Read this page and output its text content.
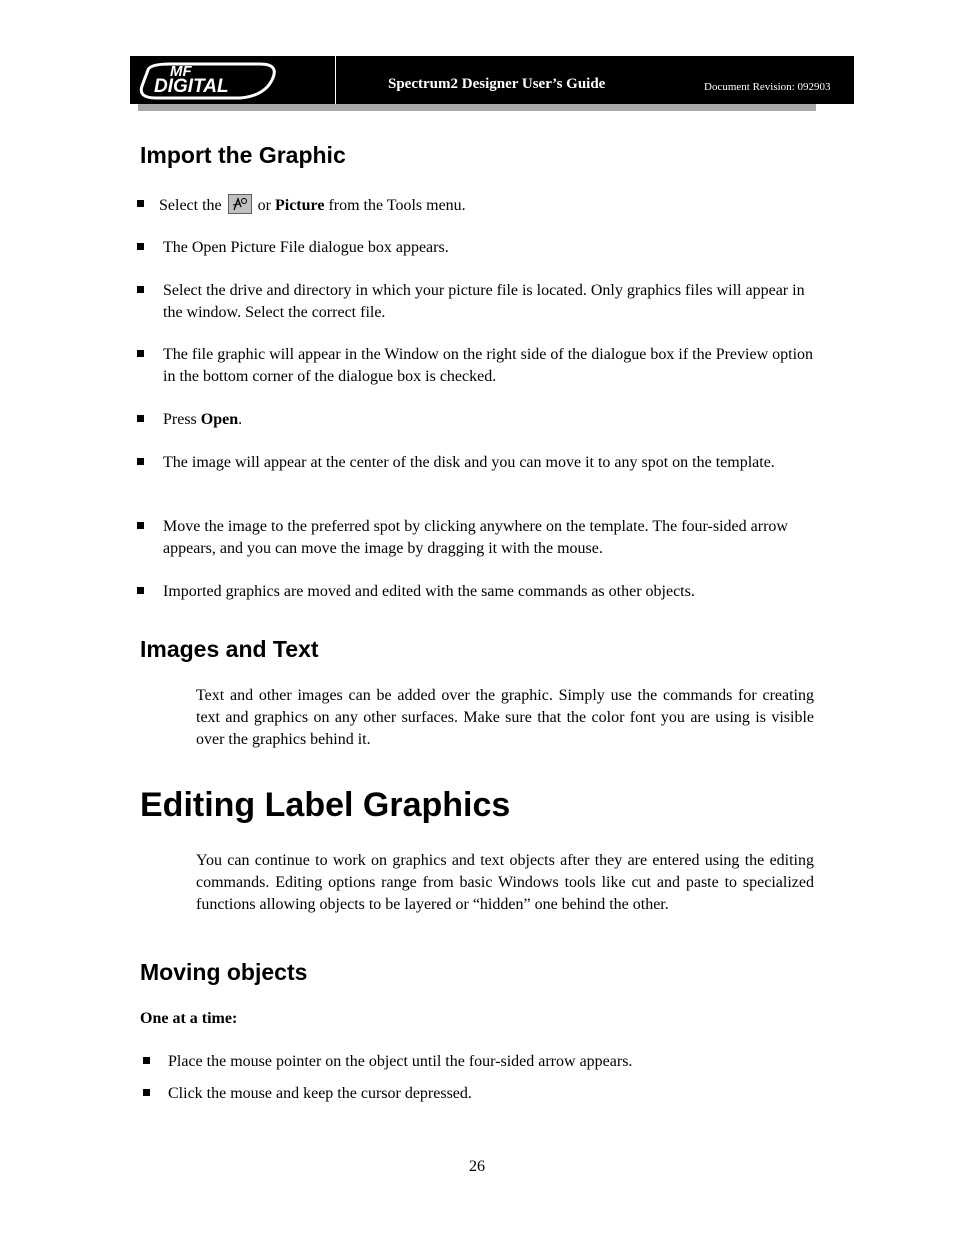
MF
DIGITAL	Spectrum2 Designer User’s Guide	Document Revision: 092903
Import the Graphic
Select the or Picture from the Tools menu.
The Open Picture File dialogue box appears.
Select the drive and directory in which your picture file is located. Only graphics files will appear in the window. Select the correct file.
The file graphic will appear in the Window on the right side of the dialogue box if the Preview option in the bottom corner of the dialogue box is checked.
Press Open.
The image will appear at the center of the disk and you can move it to any spot on the template.
Move the image to the preferred spot by clicking anywhere on the template. The four-sided arrow appears, and you can move the image by dragging it with the mouse.
Imported graphics are moved and edited with the same commands as other objects.
Images and Text
Text and other images can be added over the graphic. Simply use the commands for creating text and graphics on any other surfaces. Make sure that the color font you are using is visible over the graphics behind it.
Editing Label Graphics
You can continue to work on graphics and text objects after they are entered using the editing commands. Editing options range from basic Windows tools like cut and paste to specialized functions allowing objects to be layered or “hidden” one behind the other.
Moving objects
One at a time:
Place the mouse pointer on the object until the four-sided arrow appears.
Click the mouse and keep the cursor depressed.
26
